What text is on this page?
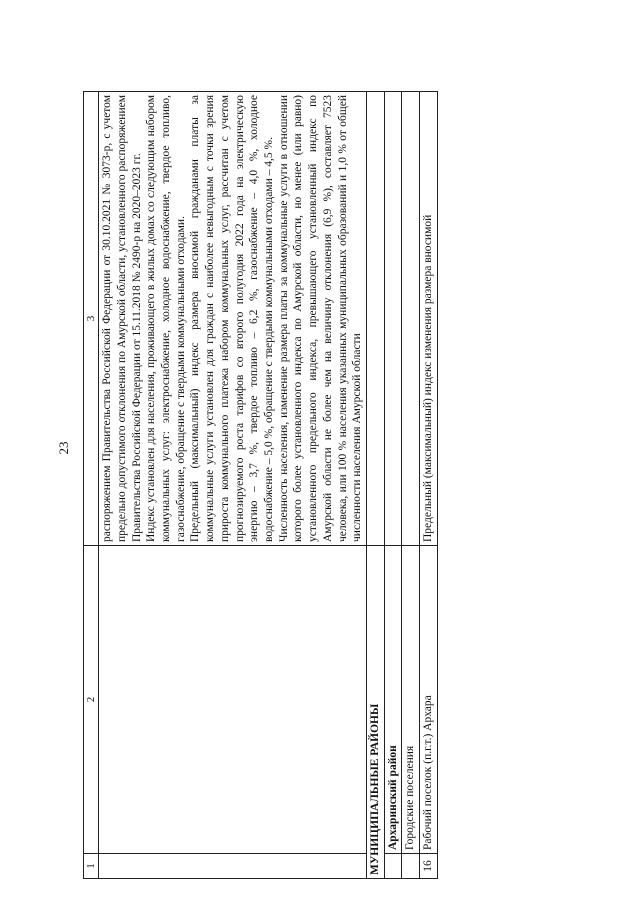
23
1	2	3

		распоряжением Правительства Российской Федерации от 30.10.2021 № 3073-р, с учетом предельно допустимого отклонения по Амурской области, установленного распоряжением Правительства Российской Федерации от 15.11.2018 № 2490-р на 2020–2023 гг. Индекс установлен для населения, проживающего в жилых домах со следующим набором коммунальных услуг: электроснабжение, холодное водоснабжение, твердое топливо, газоснабжение, обращение с твердыми коммунальными отходами. Предельный (максимальный) индекс размера вносимой гражданами платы за коммунальные услуги установлен для граждан с наиболее невыгодным с точки зрения прироста коммунального платежа набором коммунальных услуг, рассчитан с учетом прогнозируемого роста тарифов со второго полугодия 2022 года на электрическую энергию – 3,7 %, твердое топливо – 6,2 %, газоснабжение – 4,0 %, холодное водоснабжение – 5,0 %, обращение с твердыми коммунальными отходами – 4,5 %. Численность населения, изменение размера платы за коммунальные услуги в отношении которого более установленного индекса по Амурской области, но менее (или равно) установленного предельного индекса, превышающего установленный индекс по Амурской области не более чем на величину отклонения (6,9 %), составляет 7523 человека, или 100 % населения указанных муниципальных образований и 1,0 % от общей численности населения Амурской области

МУНИЦИПАЛЬНЫЕ РАЙОНЫ		
	Архаринский район	
	Городские поселения	
16	Рабочий поселок (п.г.т.) Архара	Предельный (максимальный) индекс изменения размера вносимой
